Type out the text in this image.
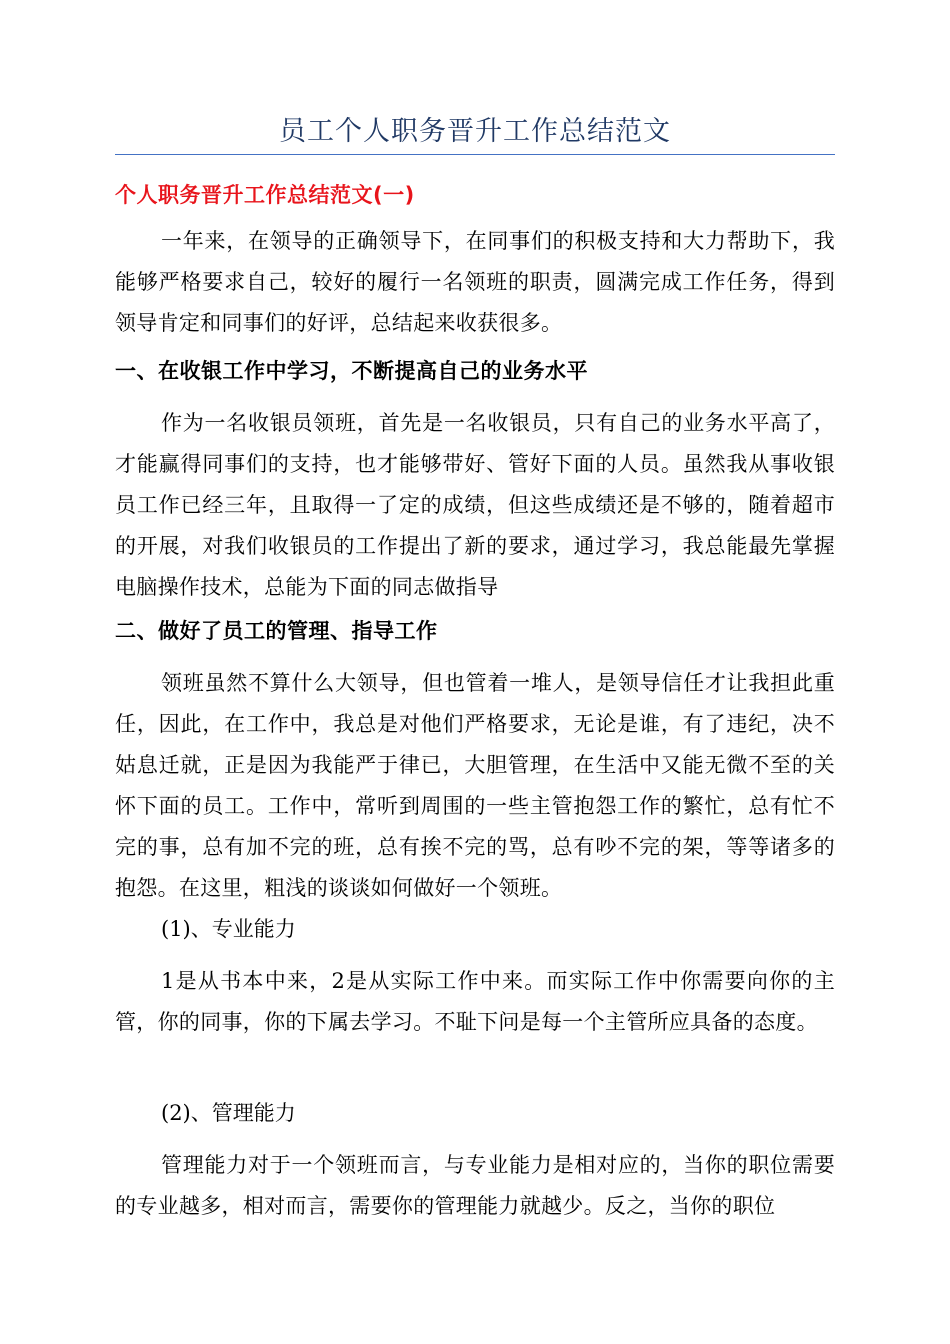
员工个人职务晋升工作总结范文
个人职务晋升工作总结范文(一)

一年来，在领导的正确领导下，在同事们的积极支持和大力帮助下，我能够严格要求自己，较好的履行一名领班的职责，圆满完成工作任务，得到领导肯定和同事们的好评，总结起来收获很多。

一、在收银工作中学习，不断提高自己的业务水平

作为一名收银员领班，首先是一名收银员，只有自己的业务水平高了，才能赢得同事们的支持，也才能够带好、管好下面的人员。虽然我从事收银员工作已经三年，且取得一了定的成绩，但这些成绩还是不够的，随着超市的开展，对我们收银员的工作提出了新的要求，通过学习，我总能最先掌握电脑操作技术，总能为下面的同志做指导

二、做好了员工的管理、指导工作

领班虽然不算什么大领导，但也管着一堆人，是领导信任才让我担此重任，因此，在工作中，我总是对他们严格要求，无论是谁，有了违纪，决不姑息迁就，正是因为我能严于律已，大胆管理，在生活中又能无微不至的关怀下面的员工。工作中，常听到周围的一些主管抱怨工作的繁忙，总有忙不完的事，总有加不完的班，总有挨不完的骂，总有吵不完的架，等等诸多的抱怨。在这里，粗浅的谈谈如何做好一个领班。

(1)、专业能力

1是从书本中来，2是从实际工作中来。而实际工作中你需要向你的主管，你的同事，你的下属去学习。不耻下问是每一个主管所应具备的态度。

(2)、管理能力

管理能力对于一个领班而言，与专业能力是相对应的，当你的职位需要的专业越多，相对而言，需要你的管理能力就越少。反之，当你的职位
